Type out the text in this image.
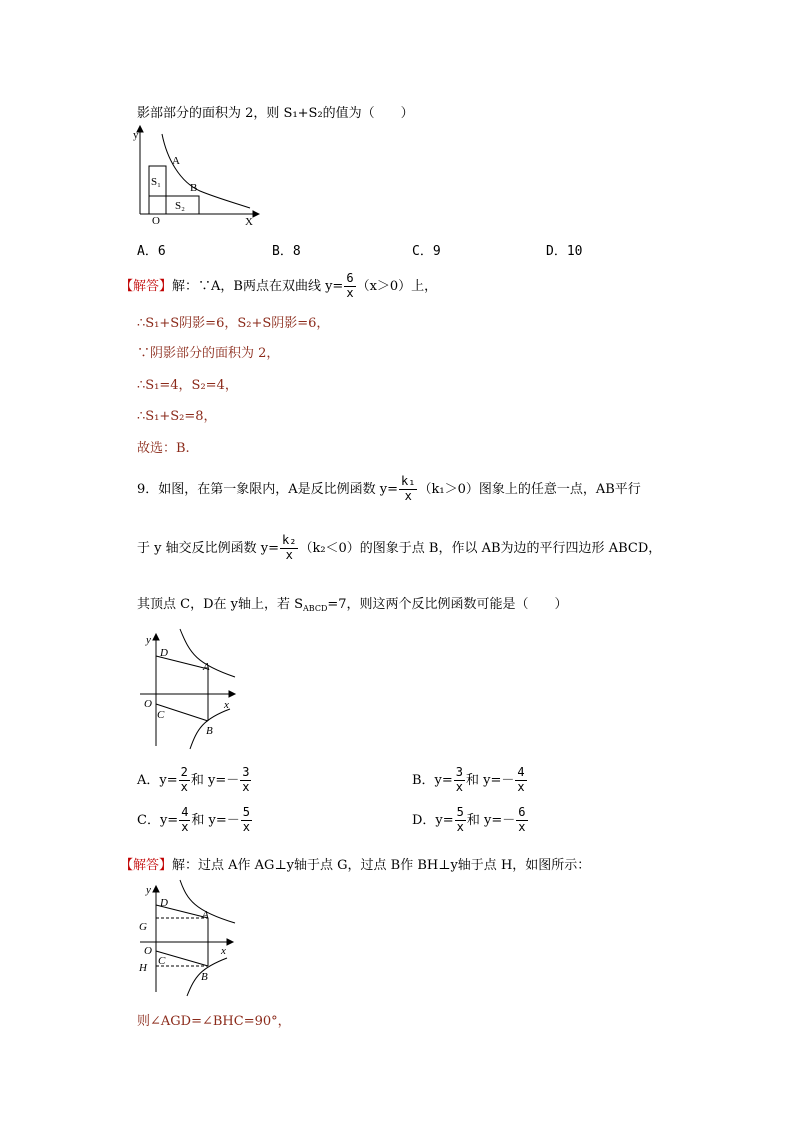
影部部分的面积为 2，则 S₁+S₂的值为（　　）
y
X
O
A
B
S₁
S₂
A．6	B．8	C．9	D．10
【解答】解：∵A，B两点在双曲线 $y= \frac{6}{x} (x>0)$上，
∴S₁+S阴影=6，S₂+S阴影=6，
∵阴影部分的面积为 2，
∴S₁=4，S₂=4，
∴S₁+S₂=8，
故选：B.
9．如图，在第一象限内，A是反比例函数 $y= \frac{\text{k₁}}{x} (k_1>0)$图象上的任意一点，AB平行
于 y 轴交反比例函数 $y= \frac{\text{k₂}}{x} (k_2<0)$的图象于点 B，作以 AB为边的平行四边形 ABCD，
其顶点 C，D在 y轴上，若 $S_{ABCD}=7$，则这两个反比例函数可能是（　　）
y
x
O
D
A
C
B
A．$y= \frac{2}{x}$ 和 $y=- \frac{3}{x}$	B．$y= \frac{3}{x}$ 和 $y=- \frac{4}{x}$
C．$y= \frac{4}{x}$ 和 $y=- \frac{5}{x}$	D．$y= \frac{5}{x}$ 和 $y=- \frac{6}{x}$
【解答】解：过点 A作 AG⊥y轴于点 G，过点 B作 BH⊥y轴于点 H，如图所示：
y
x
O
D
A
C
B
G
H
则∠AGD=∠BHC=90°，
